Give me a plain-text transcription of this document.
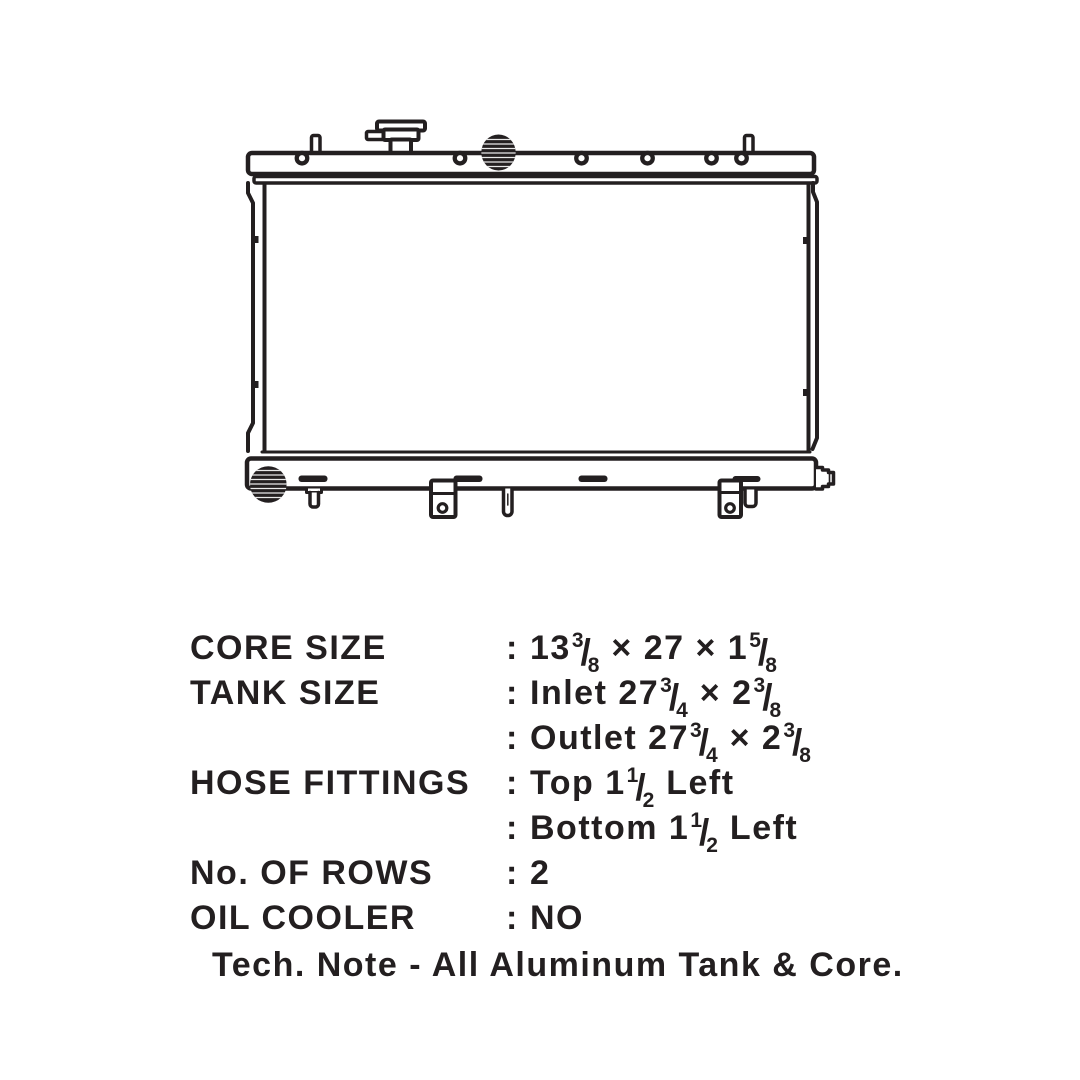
CORE SIZE	: $13^3/_8 \times 27 \times 1^5/_8$
TANK SIZE	: Inlet $27^3/_4 \times 2^3/_8$
: Outlet $27^3/_4 \times 2^3/_8$
HOSE FITTINGS	: Top $1^1/_2$ Left
: Bottom $1^1/_2$ Left
No. OF ROWS	: 2
OIL COOLER	: NO
Tech. Note - All Aluminum Tank & Core.
